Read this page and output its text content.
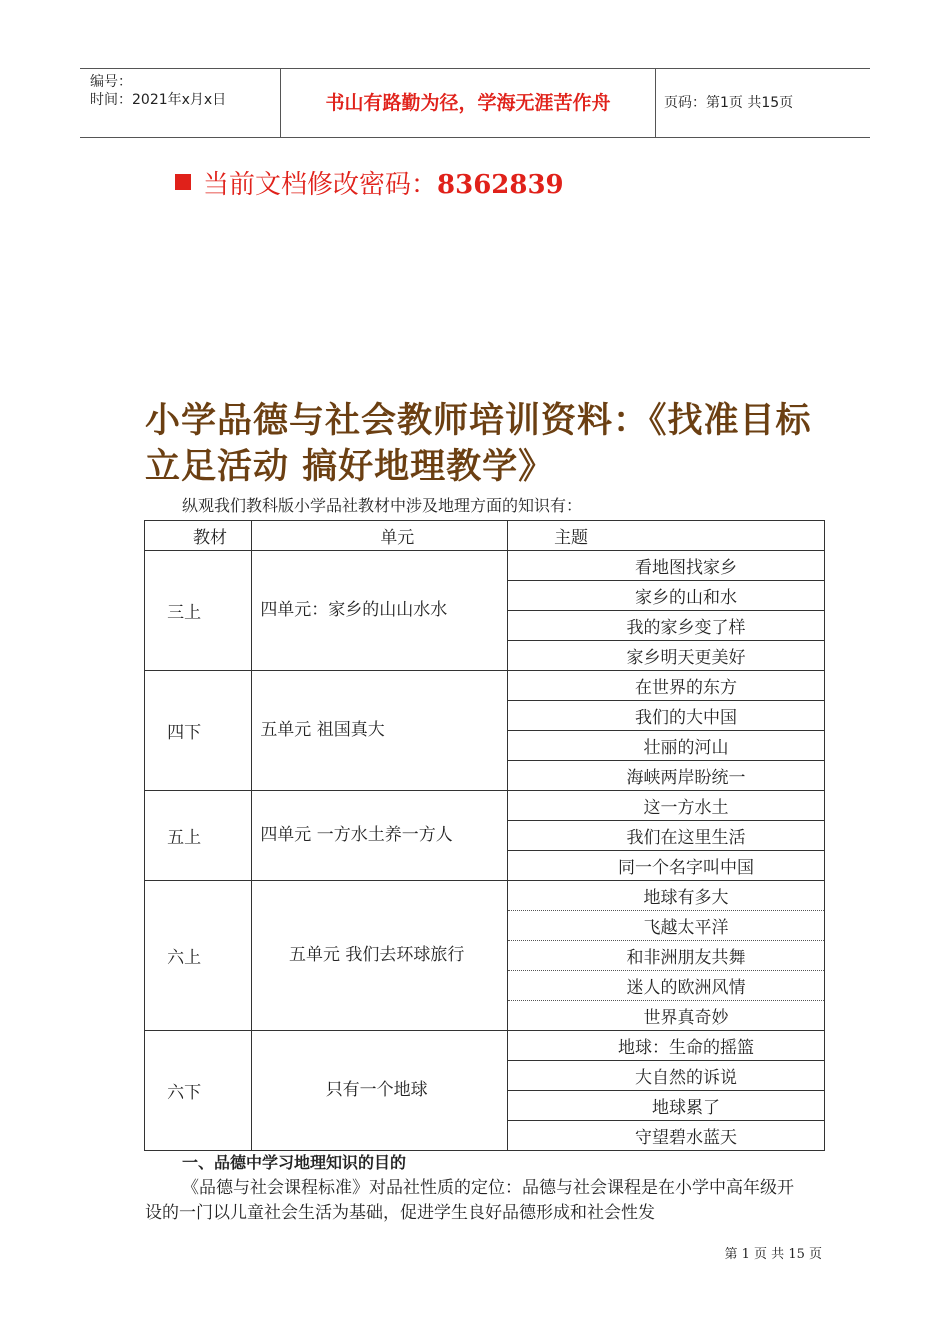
编号：
时间：2021年x月x日	书山有路勤为径，学海无涯苦作舟	页码：第1页 共15页
当前文档修改密码：8362839
小学品德与社会教师培训资料：《找准目标 立足活动 搞好地理教学》
纵观我们教科版小学品社教材中涉及地理方面的知识有：
教材	单元	主题
三上	四单元：家乡的山山水水	看地图找家乡
		家乡的山和水
		我的家乡变了样
		家乡明天更美好
四下	五单元 祖国真大	在世界的东方
		我们的大中国
		壮丽的河山
		海峡两岸盼统一
五上	四单元 一方水土养一方人	这一方水土
		我们在这里生活
		同一个名字叫中国
六上	五单元 我们去环球旅行	地球有多大
		飞越太平洋
		和非洲朋友共舞
		迷人的欧洲风情
		世界真奇妙
六下	只有一个地球	地球：生命的摇篮
		大自然的诉说
		地球累了
		守望碧水蓝天
一、品德中学习地理知识的目的
《品德与社会课程标准》对品社性质的定位：品德与社会课程是在小学中高年级开设的一门以儿童社会生活为基础，促进学生良好品德形成和社会性发
第 1 页 共 15 页
